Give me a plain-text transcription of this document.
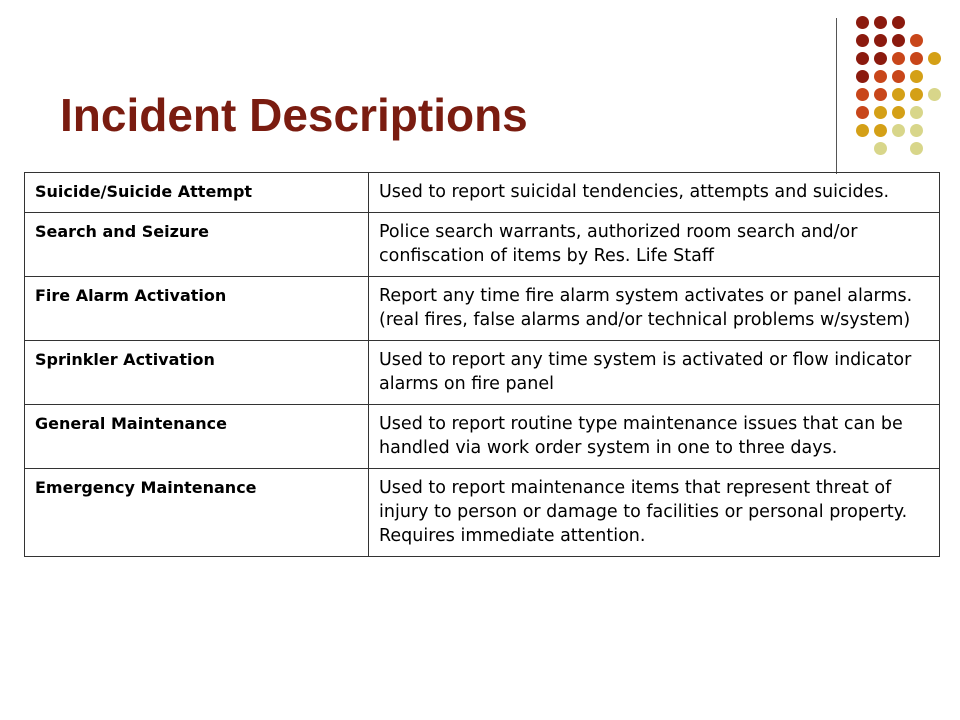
Incident Descriptions
Suicide/Suicide Attempt	Used to report suicidal tendencies, attempts and suicides.
Search and Seizure	Police search warrants, authorized room search and/or confiscation of items by Res. Life Staff
Fire Alarm Activation	Report any time fire alarm system activates or panel alarms. (real fires, false alarms and/or technical problems w/system)
Sprinkler Activation	Used to report any time system is activated or flow indicator alarms on fire panel
General Maintenance	Used to report routine type maintenance issues that can be handled via work order system in one to three days.
Emergency Maintenance	Used to report maintenance items that represent threat of injury to person or damage to facilities or personal property. Requires immediate attention.
